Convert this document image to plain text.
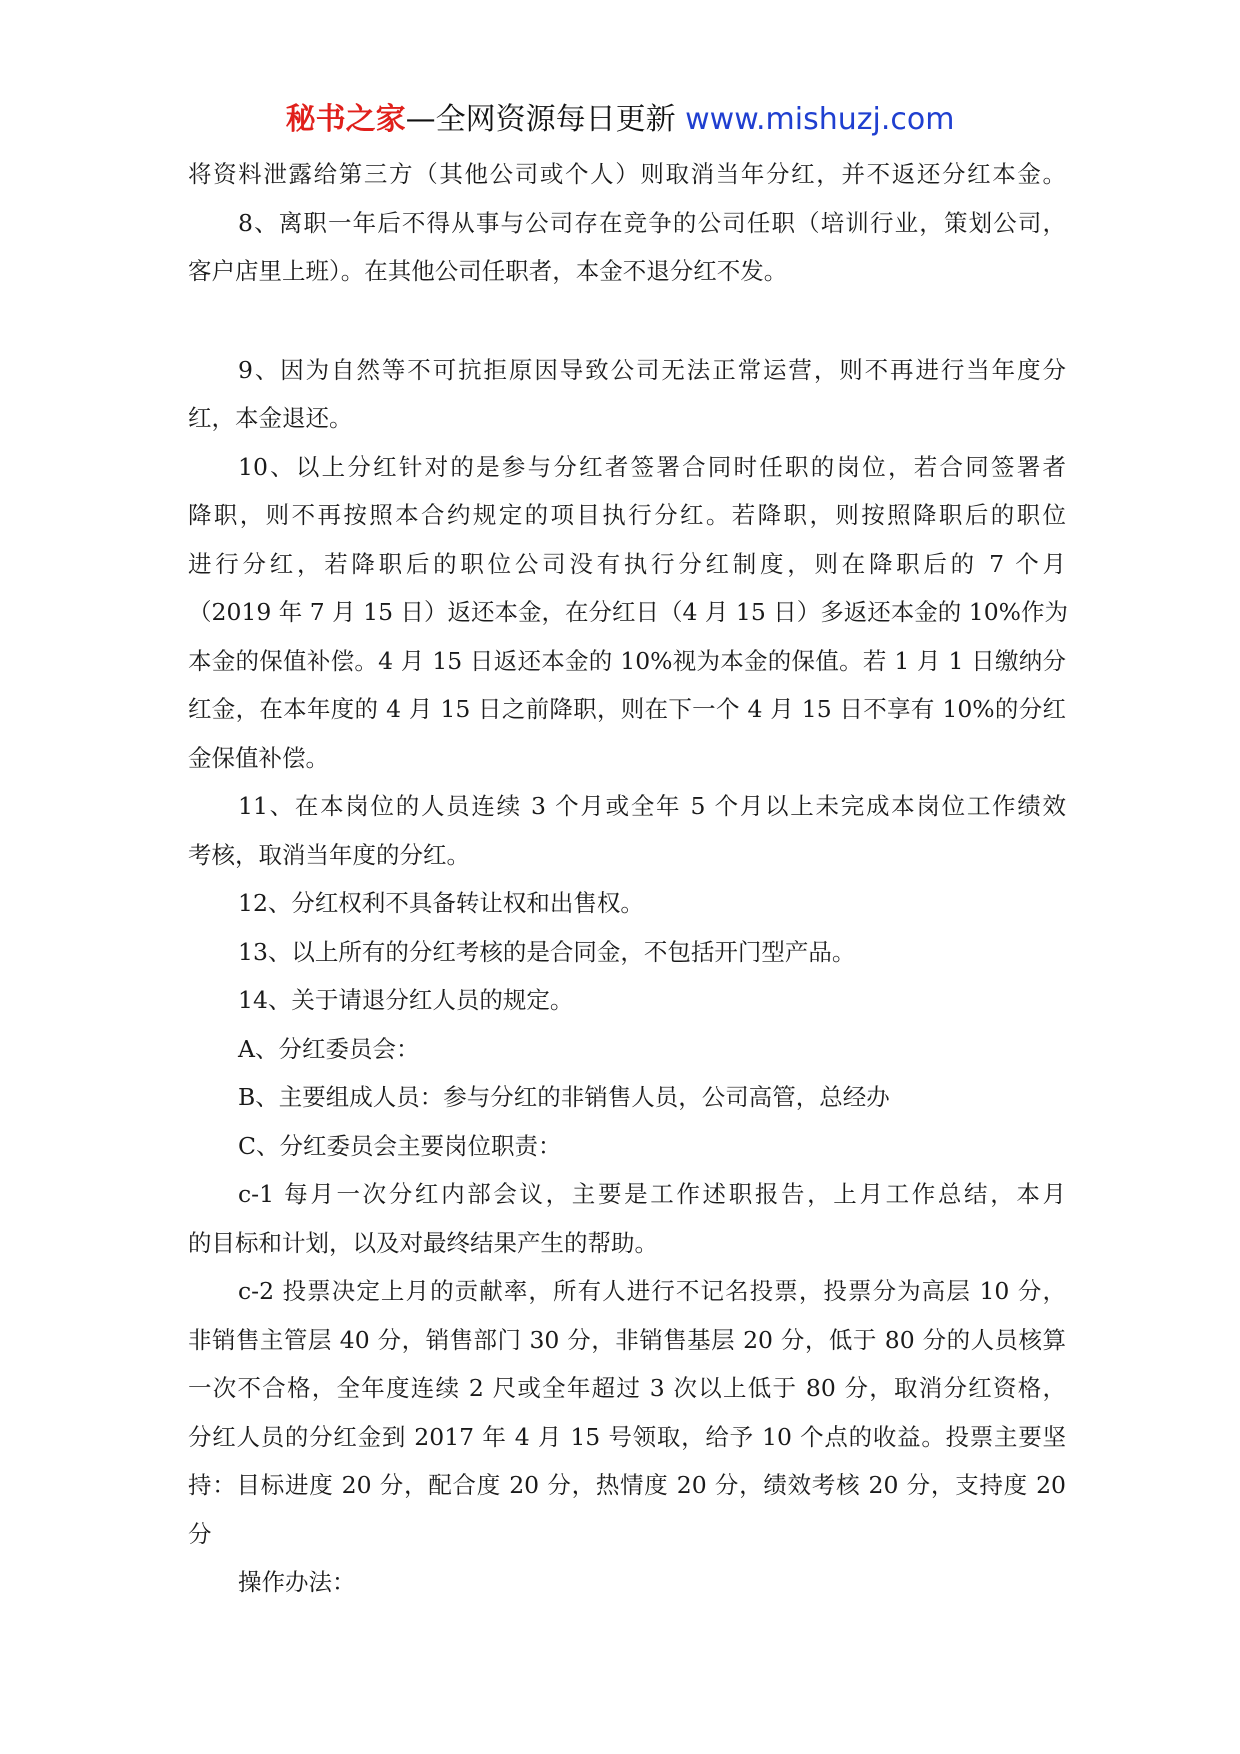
秘书之家—全网资源每日更新 www.mishuzj.com
将资料泄露给第三方（其他公司或个人）则取消当年分红，并不返还分红本金。
8、离职一年后不得从事与公司存在竞争的公司任职（培训行业，策划公司，
客户店里上班）。在其他公司任职者，本金不退分红不发。
9、因为自然等不可抗拒原因导致公司无法正常运营，则不再进行当年度分
红，本金退还。
10、以上分红针对的是参与分红者签署合同时任职的岗位，若合同签署者
降职，则不再按照本合约规定的项目执行分红。若降职，则按照降职后的职位
进行分红，若降职后的职位公司没有执行分红制度，则在降职后的 7 个月
（2019 年 7 月 15 日）返还本金，在分红日（4 月 15 日）多返还本金的 10%作为
本金的保值补偿。4 月 15 日返还本金的 10%视为本金的保值。若 1 月 1 日缴纳分
红金，在本年度的 4 月 15 日之前降职，则在下一个 4 月 15 日不享有 10%的分红
金保值补偿。
11、在本岗位的人员连续 3 个月或全年 5 个月以上未完成本岗位工作绩效
考核，取消当年度的分红。
12、分红权利不具备转让权和出售权。
13、以上所有的分红考核的是合同金，不包括开门型产品。
14、关于请退分红人员的规定。
A、分红委员会：
B、主要组成人员：参与分红的非销售人员，公司高管，总经办
C、分红委员会主要岗位职责：
c-1 每月一次分红内部会议，主要是工作述职报告，上月工作总结，本月
的目标和计划，以及对最终结果产生的帮助。
c-2 投票决定上月的贡献率，所有人进行不记名投票，投票分为高层 10 分，
非销售主管层 40 分，销售部门 30 分，非销售基层 20 分，低于 80 分的人员核算
一次不合格，全年度连续 2 尺或全年超过 3 次以上低于 80 分，取消分红资格，
分红人员的分红金到 2017 年 4 月 15 号领取，给予 10 个点的收益。投票主要坚
持：目标进度 20 分，配合度 20 分，热情度 20 分，绩效考核 20 分，支持度 20
分
操作办法：
